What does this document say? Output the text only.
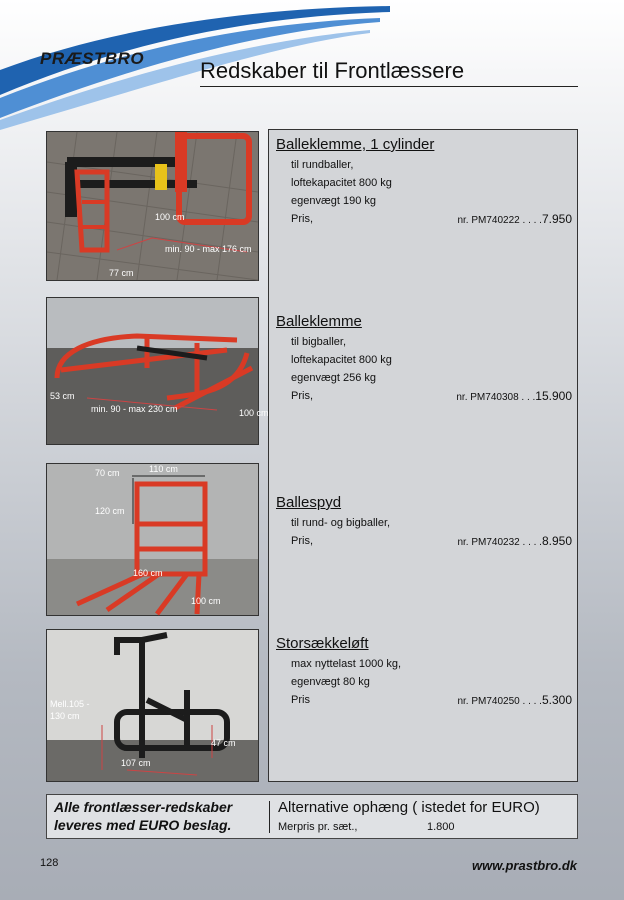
PRÆSTBRO	Redskaber til Frontlæssere
100 cm
min. 90 - max 176 cm
77 cm
53 cm
min. 90 - max 230 cm	100 cm
70 cm	110 cm
120 cm
160 cm
100 cm
Mell.105 -
130 cm
47 cm
107 cm
Balleklemme, 1 cylinder
til rundballer,
loftekapacitet 800 kg
egenvægt 190 kg
Pris,	nr. PM740222 . . . .7.950
Balleklemme
til bigballer,
loftekapacitet 800 kg
egenvægt 256 kg
Pris,	nr. PM740308 . . .15.900
Ballespyd
til rund- og bigballer,
Pris,	nr. PM740232 . . . .8.950
Storsækkeløft
max nyttelast 1000 kg,
egenvægt 80 kg
Pris	nr. PM740250 . . . .5.300
Alle frontlæsser-redskaber
leveres med EURO beslag.
Alternative ophæng ( istedet for EURO)
Merpris pr. sæt.,	1.800
128	www.prastbro.dk
